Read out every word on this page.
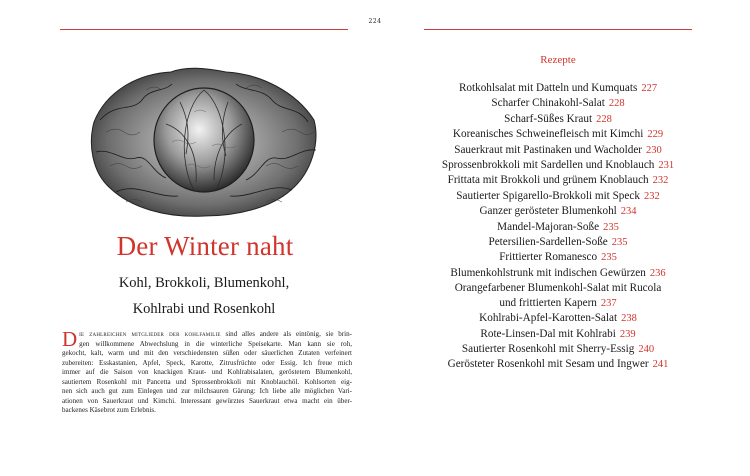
224
Der Winter naht
Kohl, Brokkoli, Blumenkohl,
Kohlrabi und Rosenkohl
Die zahlreichen mitglieder der kohlfamilie sind alles andere als eintönig, sie brin-
gen willkommene Abwechslung in die winterliche Speisekarte. Man kann sie roh,
gekocht, kalt, warm und mit den verschiedensten süßen oder säuerlichen Zutaten verfeinert
zubereiten: Esskastanien, Apfel, Speck, Karotte, Zitrusfrüchte oder Essig. Ich freue mich
immer auf die Saison von knackigen Kraut- und Kohlrabisalaten, geröstetem Blumenkohl,
sautiertem Rosenkohl mit Pancetta und Sprossenbrokkoli mit Knoblauchöl. Kohlsorten eig-
nen sich auch gut zum Einlegen und zur milchsauren Gärung: Ich liebe alle möglichen Vari-
ationen von Sauerkraut und Kimchi. Interessant gewürztes Sauerkraut etwa macht ein über-
backenes Käsebrot zum Erlebnis.
Rezepte
Rotkohlsalat mit Datteln und Kumquats 227
Scharfer Chinakohl-Salat 228
Scharf-Süßes Kraut 228
Koreanisches Schweinefleisch mit Kimchi 229
Sauerkraut mit Pastinaken und Wacholder 230
Sprossenbrokkoli mit Sardellen und Knoblauch 231
Frittata mit Brokkoli und grünem Knoblauch 232
Sautierter Spigarello-Brokkoli mit Speck 232
Ganzer gerösteter Blumenkohl 234
Mandel-Majoran-Soße 235
Petersilien-Sardellen-Soße 235
Frittierter Romanesco 235
Blumenkohlstrunk mit indischen Gewürzen 236
Orangefarbener Blumenkohl-Salat mit Rucola
und frittierten Kapern 237
Kohlrabi-Apfel-Karotten-Salat 238
Rote-Linsen-Dal mit Kohlrabi 239
Sautierter Rosenkohl mit Sherry-Essig 240
Gerösteter Rosenkohl mit Sesam und Ingwer 241
